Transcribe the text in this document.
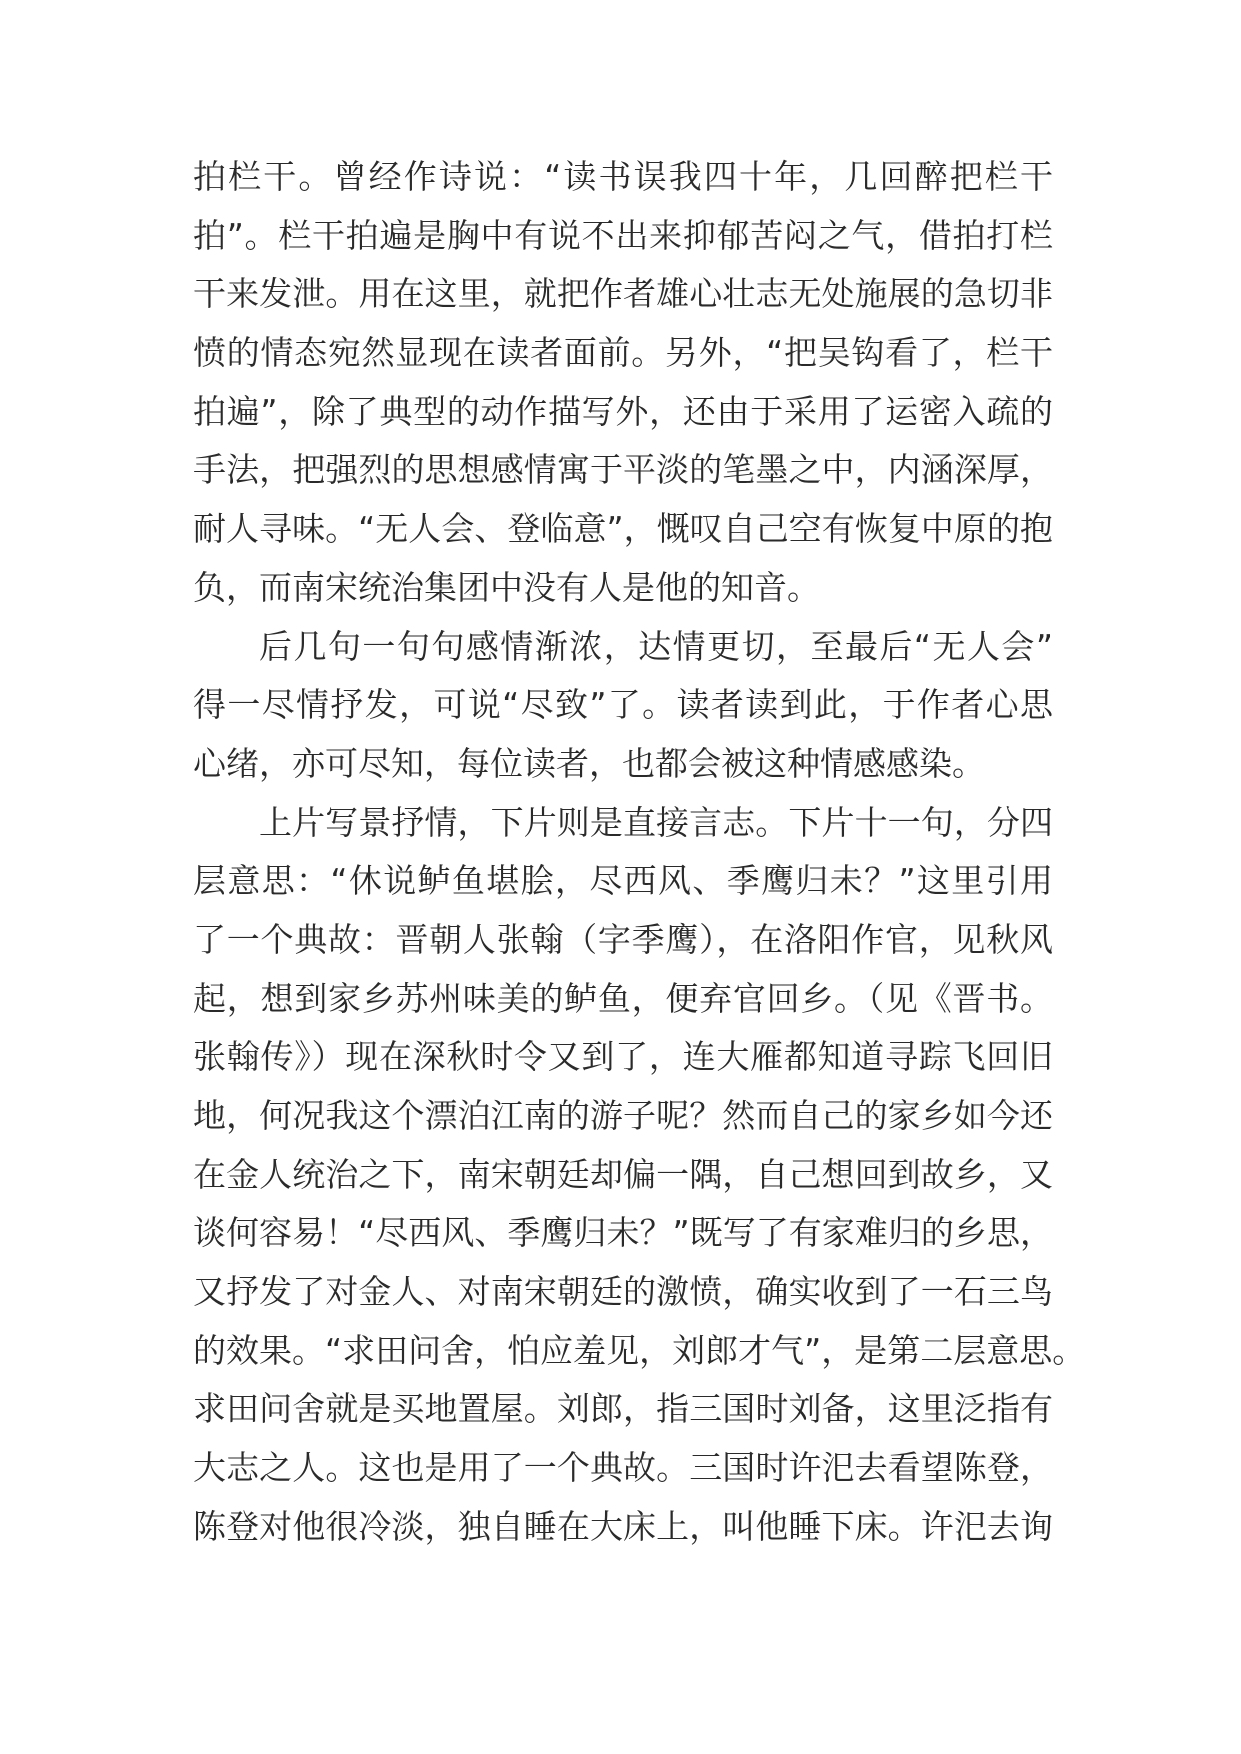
拍栏干。曾经作诗说：“读书误我四十年，几回醉把栏干
拍”。栏干拍遍是胸中有说不出来抑郁苦闷之气，借拍打栏
干来发泄。用在这里，就把作者雄心壮志无处施展的急切非
愤的情态宛然显现在读者面前。另外，“把吴钩看了，栏干
拍遍”，除了典型的动作描写外，还由于采用了运密入疏的
手法，把强烈的思想感情寓于平淡的笔墨之中，内涵深厚，
耐人寻味。“无人会、登临意”，慨叹自己空有恢复中原的抱
负，而南宋统治集团中没有人是他的知音。
后几句一句句感情渐浓，达情更切，至最后“无人会”
得一尽情抒发，可说“尽致”了。读者读到此，于作者心思
心绪，亦可尽知，每位读者，也都会被这种情感感染。
上片写景抒情，下片则是直接言志。下片十一句，分四
层意思：“休说鲈鱼堪脍，尽西风、季鹰归未？”这里引用
了一个典故：晋朝人张翰（字季鹰），在洛阳作官，见秋风
起，想到家乡苏州味美的鲈鱼，便弃官回乡。（见《晋书。
张翰传》）现在深秋时令又到了，连大雁都知道寻踪飞回旧
地，何况我这个漂泊江南的游子呢？然而自己的家乡如今还
在金人统治之下，南宋朝廷却偏一隅，自己想回到故乡，又
谈何容易！“尽西风、季鹰归未？”既写了有家难归的乡思，
又抒发了对金人、对南宋朝廷的激愤，确实收到了一石三鸟
的效果。“求田问舍，怕应羞见，刘郎才气”，是第二层意思。
求田问舍就是买地置屋。刘郎，指三国时刘备，这里泛指有
大志之人。这也是用了一个典故。三国时许汜去看望陈登，
陈登对他很冷淡，独自睡在大床上，叫他睡下床。许汜去询
